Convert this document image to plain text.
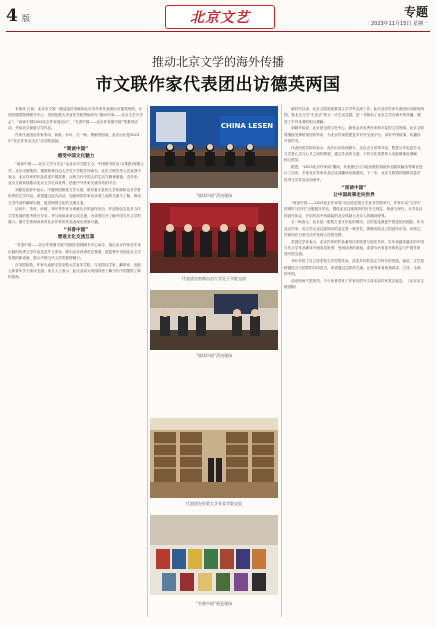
4 版	北京文艺	专题
2023年11月15日 星期一
推动北京文学的海外传播
市文联作家代表团出访德英两国

本报讯 日前，北京市文联一级巡视员刘颖率北京市作家代表团出访德英两国，分别在德国柏林图书中心、英国伦敦大学亚非学院等地举办“阅读中国——北京文学分享会”，“深读中国2023北京作家周活动”、“书香中国——北京作家图书展”等系列活动，介绍北京最新文学作品。

作家代表团由作家李洱、孙郁、乔叶、石一枫、鲁敏等组成，此次出访是2023年“北京作家走出去”活动的延续。

“阅读中国”
感受中国文化魅力

“阅读中国——北京文学分享会”由北京市文联主办，中国图书进出口(集团)有限公司、北京出版集团、德国柏林自由大学孔子学院共同承办。北京文联负责人在致辞中表示，北京作家的作品讲述中国故事，反映当代中国人的生活与精神面貌。近年来，北京文联持续推动北京文学走向世界，搭建中外作家交流对话的平台。

刘颖在致辞中表示，中德两国都是文学大国，都有着丰富的文学传统和众多享誉世界的文学作品。希望通过此次活动，加深两国作家及读者之间的交流与了解，推动文学作品的翻译出版，促进两国文化的交流互鉴。

活动中，李洱、孙郁、乔叶等作家分别就各自的创作经历、作品特色以及对当代文学发展的思考进行分享，并与现场读者互动交流，为读者打开了解中国当代文学的窗口。德方学者和读者对北京作家的作品表现出浓厚兴趣。

“书香中国”
增进文化交流互鉴

“书香中国——北京作家图书展”同期在柏林图书中心举办，展出北京作家近年来出版的优秀文学作品及其外文译本，吸引众多读者驻足观看。展览集中呈现北京文学发展的新成就，展示中国当代文学的独特魅力。

在英国伦敦，作家代表团走进伦敦大学亚非学院，与英国汉学家、翻译家、出版人和青年学子座谈交流。英方人士表示，此次活动为英国读者了解当代中国提供了新的视角。

CHINA LESEN
“阅读中国”活动现场
代表团在柏林自由大学孔子学院交流
“阅读中国”活动现场
代表团在伦敦大学亚非学院交流
“书香中国”展览现场

新时代以来，北京文联高度重视文学对外交流工作。此次北京作家代表团出访德英两国，是北京文学“走出去”的又一次生动实践，进一步推动了北京文学在海外的传播，增进了中外读者的相互理解。

刘颖介绍说，北京是全国文化中心，拥有众多优秀作家和丰富的文学资源。北京文联将继续发挥桥梁纽带作用，为北京作家搭建更多对外交流平台，讲好中国故事，传播好中国声音。

代表团成员纷纷表示，此次出访收获颇丰，走出去与世界对话，既是分享也是学习。文学是心灵与心灵之间的桥梁，通过作品的交流，不同文化背景的人们能够彼此理解、相互欣赏。

据悉，“2023北京作家周”期间，代表团还与当地出版机构就作品版权输出等事宜进行了洽谈，多部北京作家作品已达成翻译出版意向。下一步，北京文联将持续推动更多优秀文学作品走向海外。

“深读中国”
让中国故事走向世界

“深读中国——2023北京作家周”活动在伦敦大学亚非学院举行，作家们以“文学中的城市与时代”为题展开对话，围绕北京这座城市的历史与现实、传统与现代，分享各自的创作体会，介绍作品中所描绘的北京风貌与北京人的精神世界。

石一枫表示，北京是一座既古老又年轻的城市，它的变化就是中国变化的缩影。作为北京作家，用文学记录这座城市的变迁是一种责任。鲁敏则从自己的创作出发，谈到文学如何在日常生活中发现人性的光辉。

英国汉学家表示，北京作家的作品兼具历史厚度与现实关怀，近年来越来越多的中国当代文学作品被译介到英语世界，受到读者的欢迎。希望今后有更多的机会与中国作家面对面交流。

乔叶介绍了自己获茅盾文学奖的作品，讲述乡村的变迁与时代的发展。她说，文学是跨越语言与国界的共同语言，希望通过这样的交流，让世界读者看到真实、立体、全面的中国。

活动现场气氛热烈，不少读者带来了作家们的外文译本请作家签名留念。（北京市文联供稿）
